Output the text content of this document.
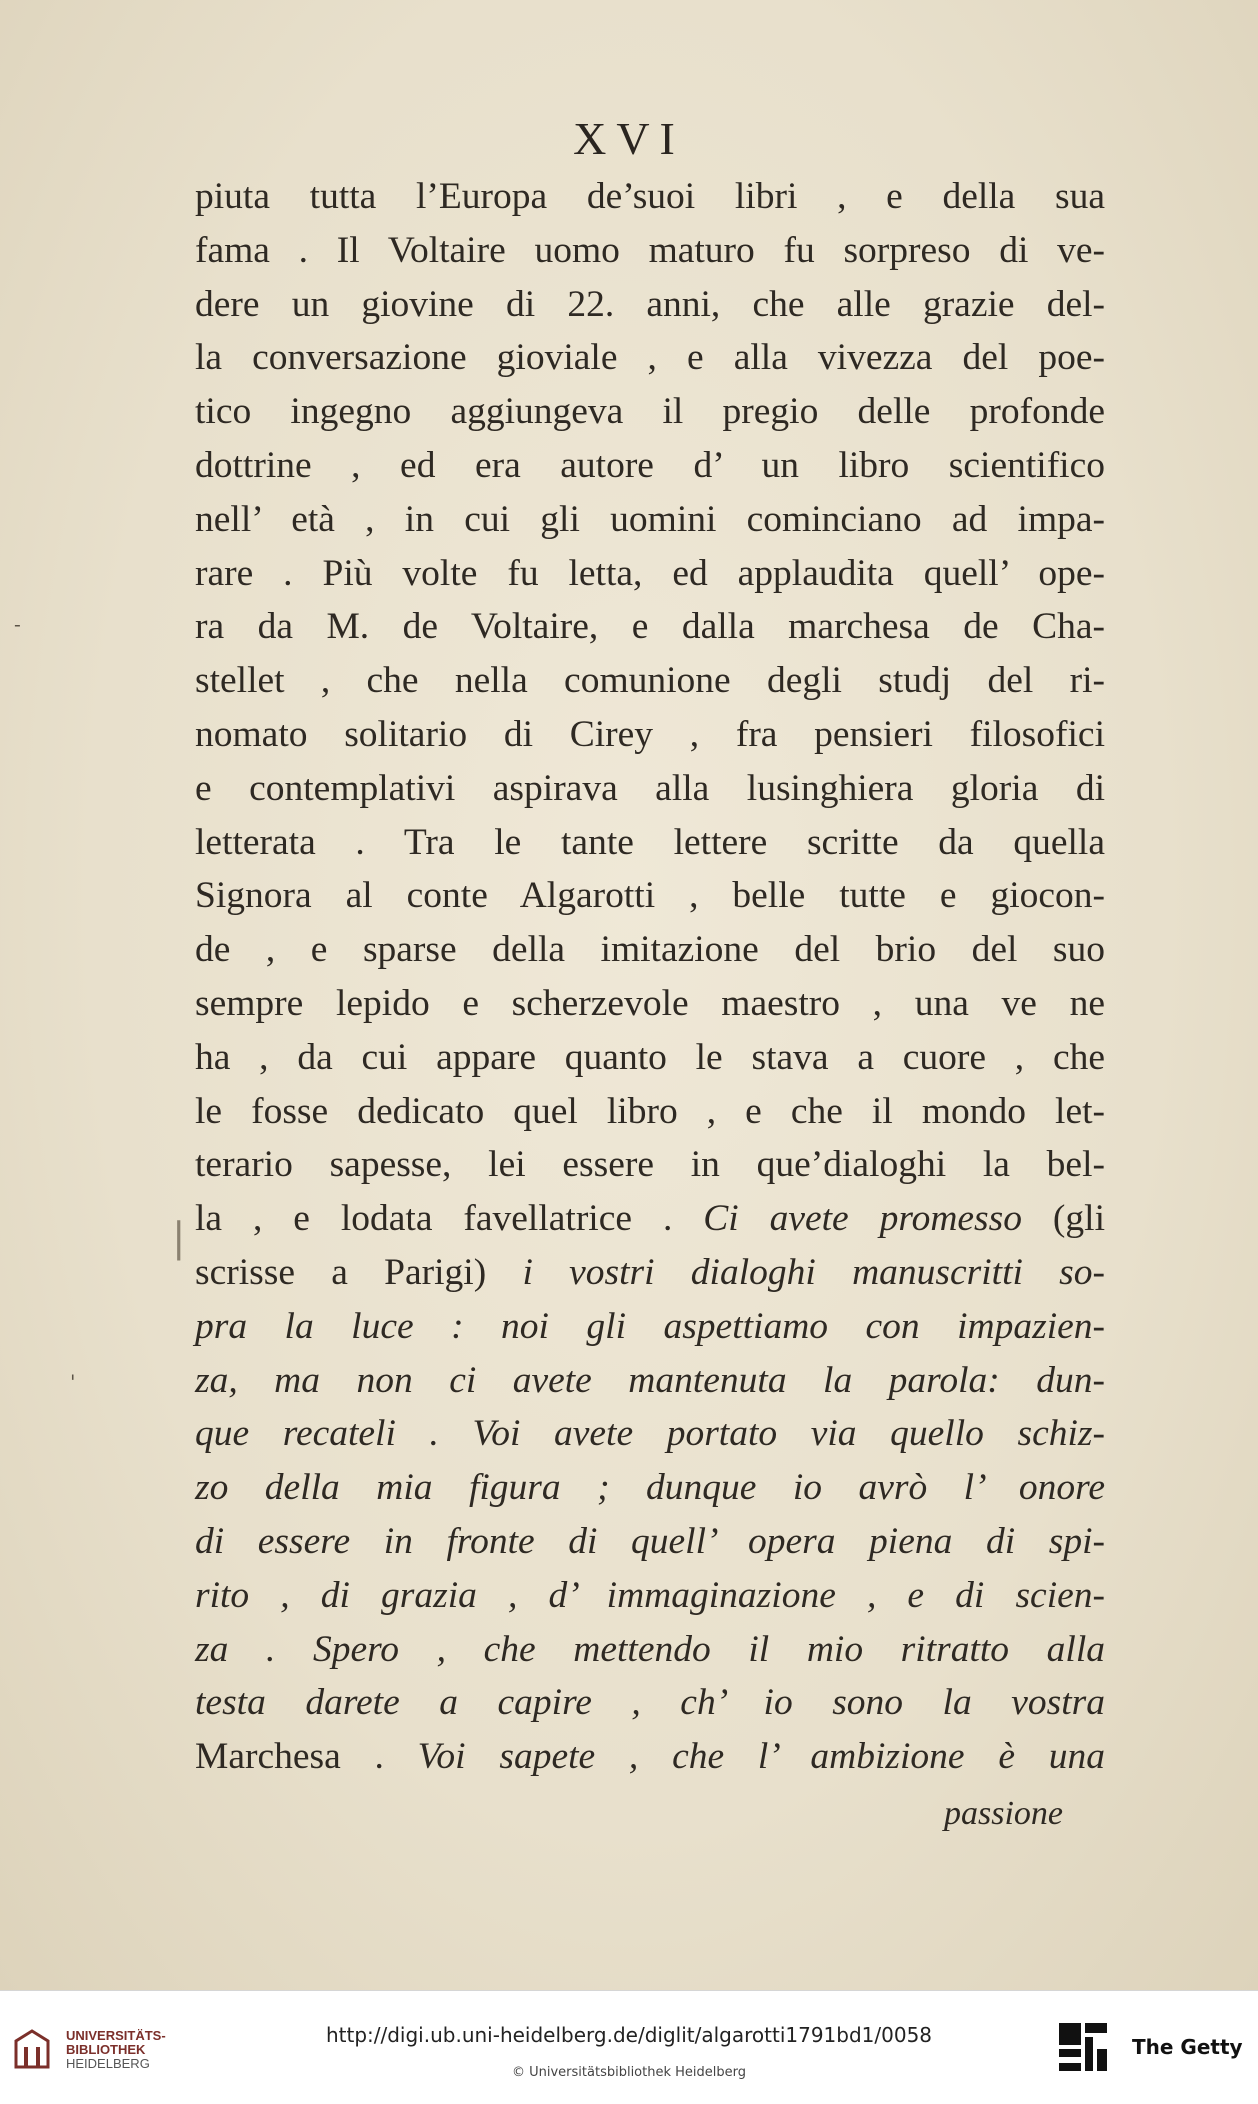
XVI
piuta tutta l’Europa de’suoi libri , e della sua
fama . Il Voltaire uomo maturo fu sorpreso di ve-
dere un giovine di 22. anni, che alle grazie del-
la conversazione gioviale , e alla vivezza del poe-
tico ingegno aggiungeva il pregio delle profonde
dottrine , ed era autore d’ un libro scientifico
nell’ età , in cui gli uomini cominciano ad impa-
rare . Più volte fu letta, ed applaudita quell’ ope-
ra da M. de Voltaire, e dalla marchesa de Cha-
stellet , che nella comunione degli studj del ri-
nomato solitario di Cirey , fra pensieri filosofici
e contemplativi aspirava alla lusinghiera gloria di
letterata . Tra le tante lettere scritte da quella
Signora al conte Algarotti , belle tutte e giocon-
de , e sparse della imitazione del brio del suo
sempre lepido e scherzevole maestro , una ve ne
ha , da cui appare quanto le stava a cuore , che
le fosse dedicato quel libro , e che il mondo let-
terario sapesse, lei essere in que’dialoghi la bel-
la , e lodata favellatrice . Ci avete promesso (gli
scrisse a Parigi) i vostri dialoghi manuscritti so-
pra la luce : noi gli aspettiamo con impazien-
za, ma non ci avete mantenuta la parola: dun-
que recateli . Voi avete portato via quello schiz-
zo della mia figura ; dunque io avrò l’ onore
di essere in fronte di quell’ opera piena di spi-
rito , di grazia , d’ immaginazione , e di scien-
za . Spero , che mettendo il mio ritratto alla
testa darete a capire , ch’ io sono la vostra
Marchesa . Voi sapete , che l’ ambizione è una
passione
-
|
'
UNIVERSITÄTS-
BIBLIOTHEK
HEIDELBERG
http://digi.ub.uni-heidelberg.de/diglit/algarotti1791bd1/0058
© Universitätsbibliothek Heidelberg
The Getty
